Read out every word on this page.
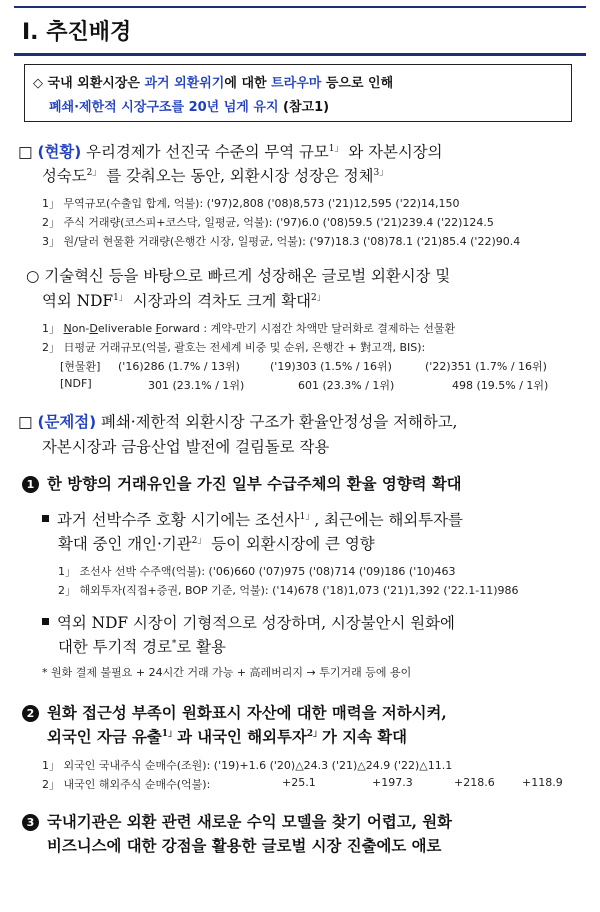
Ⅰ. 추진배경
◇ 국내 외환시장은 과거 외환위기에 대한 트라우마 등으로 인해
폐쇄·제한적 시장구조를 20년 넘게 유지 (참고1)
□ (현황) 우리경제가 선진국 수준의 무역 규모$^{1」}$ 와 자본시장의
성숙도$^{2」}$ 를 갖춰오는 동안, 외환시장 성장은 정체$^{3」}$
1」 무역규모(수출입 합계, 억불): ('97)2,808 ('08)8,573 ('21)12,595 ('22)14,150
2」 주식 거래량(코스피+코스닥, 일평균, 억불): ('97)6.0 ('08)59.5 ('21)239.4 ('22)124.5
3」 원/달러 현물환 거래량(은행간 시장, 일평균, 억불): ('97)18.3 ('08)78.1 ('21)85.4 ('22)90.4
○ 기술혁신 등을 바탕으로 빠르게 성장해온 글로벌 외환시장 및
역외 $NDF^{1」}$ 시장과의 격차도 크게 확대$^{2」}$
1」 Non-Deliverable Forward : 계약-만기 시점간 차액만 달러화로 결제하는 선물환
2」 日평균 거래규모(억불, 괄호는 전세계 비중 및 순위, 은행간 + 對고객, BIS):
[현물환] ('16)286 (1.7% / 13위)	('19)303 (1.5% / 16위)	('22)351 (1.7% / 16위)
[NDF]	301 (23.1% / 1위)	601 (23.3% / 1위)	498 (19.5% / 1위)
□ (문제점) 폐쇄·제한적 외환시장 구조가 환율안정성을 저해하고,
자본시장과 금융산업 발전에 걸림돌로 작용
1 한 방향의 거래유인을 가진 일부 수급주체의 환율 영향력 확대
과거 선박수주 호황 시기에는 조선사$^{1」}$, 최근에는 해외투자를
확대 중인 개인·기관$^{2」}$ 등이 외환시장에 큰 영향
1」 조선사 선박 수주액(억불): ('06)660 ('07)975 ('08)714 ('09)186 ('10)463
2」 해외투자(직접+증권, BOP 기준, 억불): ('14)678 ('18)1,073 ('21)1,392 ('22.1-11)986
역외 NDF 시장이 기형적으로 성장하며, 시장불안시 원화에
대한 투기적 경로*로 활용
* 원화 결제 불필요 + 24시간 거래 가능 + 高레버리지 → 투기거래 등에 용이
2 원화 접근성 부족이 원화표시 자산에 대한 매력을 저하시켜,
외국인 자금 유출$^{1」}$과 내국인 해외투자$^{2」}$가 지속 확대
1」 외국인 국내주식 순매수(조원): ('19)+1.6 ('20)△24.3 ('21)△24.9 ('22)△11.1
2」 내국인 해외주식 순매수(억불):	+25.1	+197.3	+218.6 +118.9
3 국내기관은 외환 관련 새로운 수익 모델을 찾기 어렵고, 원화
비즈니스에 대한 강점을 활용한 글로벌 시장 진출에도 애로
